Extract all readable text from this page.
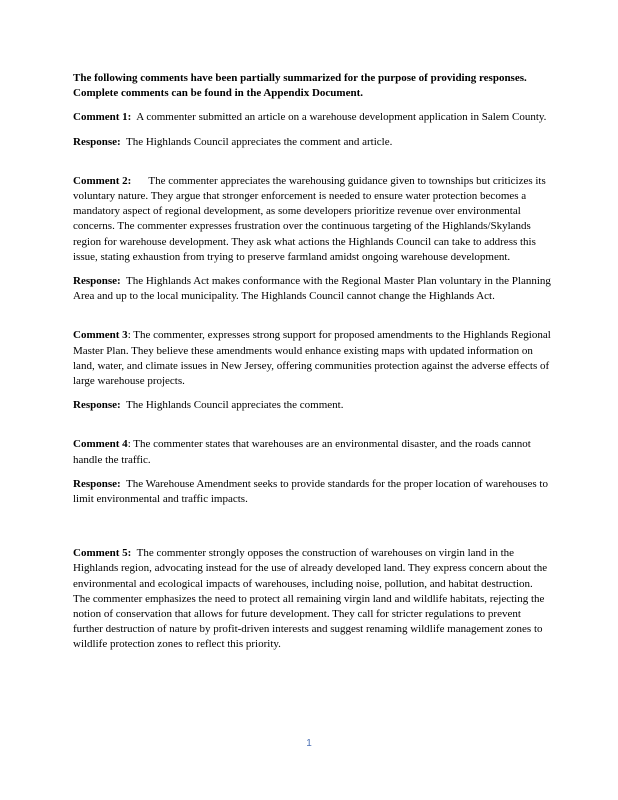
The following comments have been partially summarized for the purpose of providing responses. Complete comments can be found in the Appendix Document.

Comment 1: A commenter submitted an article on a warehouse development application in Salem County.

Response: The Highlands Council appreciates the comment and article.

Comment 2: The commenter appreciates the warehousing guidance given to townships but criticizes its voluntary nature. They argue that stronger enforcement is needed to ensure water protection becomes a mandatory aspect of regional development, as some developers prioritize revenue over environmental concerns. The commenter expresses frustration over the continuous targeting of the Highlands/Skylands region for warehouse development. They ask what actions the Highlands Council can take to address this issue, stating exhaustion from trying to preserve farmland amidst ongoing warehouse development.

Response: The Highlands Act makes conformance with the Regional Master Plan voluntary in the Planning Area and up to the local municipality. The Highlands Council cannot change the Highlands Act.

Comment 3: The commenter, expresses strong support for proposed amendments to the Highlands Regional Master Plan. They believe these amendments would enhance existing maps with updated information on land, water, and climate issues in New Jersey, offering communities protection against the adverse effects of large warehouse projects.

Response: The Highlands Council appreciates the comment.

Comment 4: The commenter states that warehouses are an environmental disaster, and the roads cannot handle the traffic.

Response: The Warehouse Amendment seeks to provide standards for the proper location of warehouses to limit environmental and traffic impacts.

Comment 5: The commenter strongly opposes the construction of warehouses on virgin land in the Highlands region, advocating instead for the use of already developed land. They express concern about the environmental and ecological impacts of warehouses, including noise, pollution, and habitat destruction. The commenter emphasizes the need to protect all remaining virgin land and wildlife habitats, rejecting the notion of conservation that allows for future development. They call for stricter regulations to prevent further destruction of nature by profit-driven interests and suggest renaming wildlife management zones to wildlife protection zones to reflect this priority.

1
